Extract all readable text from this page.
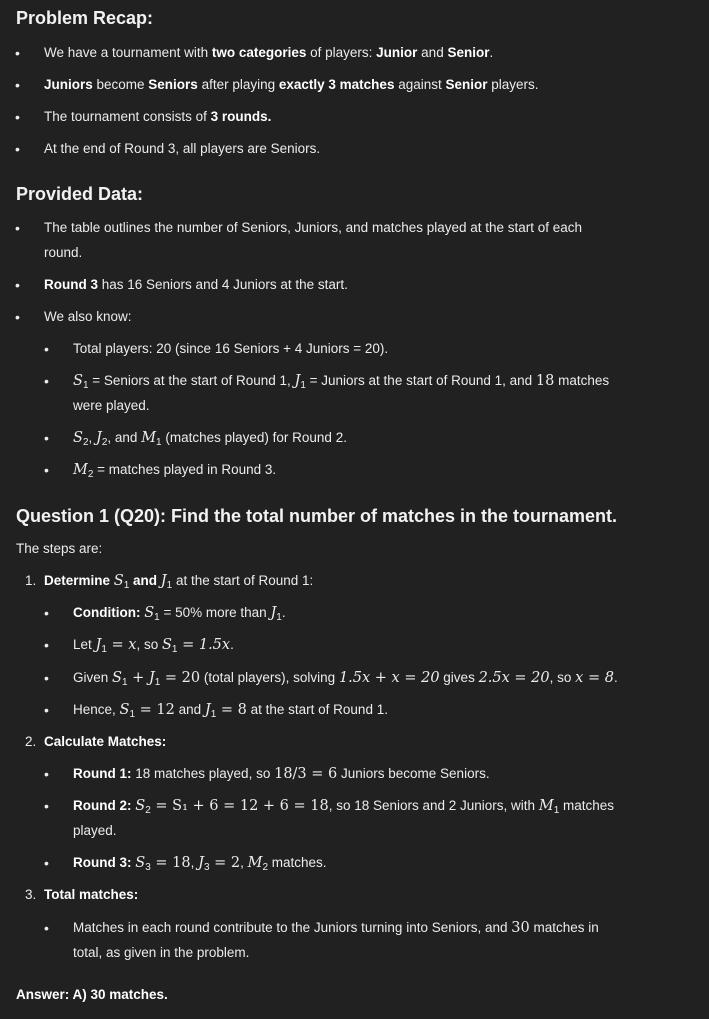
Problem Recap:
• We have a tournament with two categories of players: Junior and Senior.
• Juniors become Seniors after playing exactly 3 matches against Senior players.
• The tournament consists of 3 rounds.
• At the end of Round 3, all players are Seniors.
Provided Data:
• The table outlines the number of Seniors, Juniors, and matches played at the start of each
round.
• Round 3 has 16 Seniors and 4 Juniors at the start.
• We also know:
• Total players: 20 (since 16 Seniors + 4 Juniors = 20).
• $S_1$ = Seniors at the start of Round 1, $J_1$ = Juniors at the start of Round 1, and 18 matches
were played.
• $S_2$, $J_2$, and $M_1$ (matches played) for Round 2.
• $M_2$ = matches played in Round 3.
Question 1 (Q20): Find the total number of matches in the tournament.
The steps are:
1. Determine $S_1$ and $J_1$ at the start of Round 1:
• Condition: $S_1 = 50\%$ more than $J_1$.
• Let $J_1 = x$, so $S_1 = 1.5x$.
• Given $S_1 + J_1 = 20$ (total players), solving 1.5x + x = 20 gives 2.5x = 20, so x = 8.
• Hence, $S_1 = 12$ and $J_1 = 8$ at the start of Round 1.
2. Calculate Matches:
• Round 1: 18 matches played, so 18/3 = 6 Juniors become Seniors.
• Round 2: $S_2 = S_1 + 6 = 12 + 6 = 18$, so 18 Seniors and 2 Juniors, with $M_1$ matches
played.
• Round 3: $S_3 = 18$, $J_3 = 2$, $M_2$ matches.
3. Total matches:
• Matches in each round contribute to the Juniors turning into Seniors, and 30 matches in
total, as given in the problem.
Answer: A) 30 matches.
